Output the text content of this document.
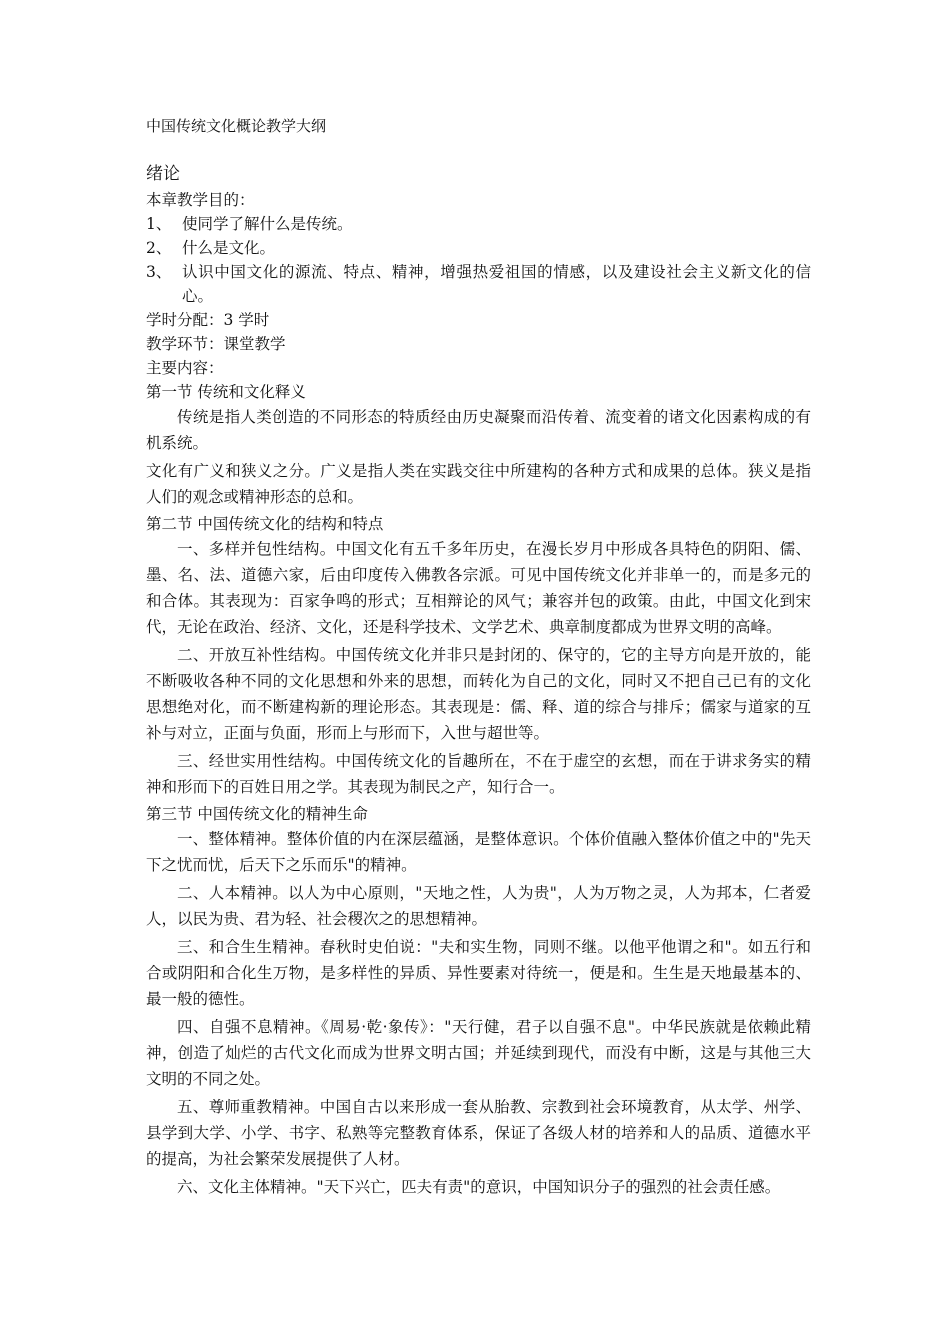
中国传统文化概论教学大纲
绪论
本章教学目的：
1、 使同学了解什么是传统。
2、 什么是文化。
3、 认识中国文化的源流、特点、精神，增强热爱祖国的情感，以及建设社会主义新文化的信心。
学时分配：3 学时
教学环节：课堂教学
主要内容：
第一节 传统和文化释义

传统是指人类创造的不同形态的特质经由历史凝聚而沿传着、流变着的诸文化因素构成的有机系统。

文化有广义和狭义之分。广义是指人类在实践交往中所建构的各种方式和成果的总体。狭义是指人们的观念或精神形态的总和。

第二节 中国传统文化的结构和特点

一、多样并包性结构。中国文化有五千多年历史，在漫长岁月中形成各具特色的阴阳、儒、墨、名、法、道德六家，后由印度传入佛教各宗派。可见中国传统文化并非单一的，而是多元的和合体。其表现为：百家争鸣的形式；互相辩论的风气；兼容并包的政策。由此，中国文化到宋代，无论在政治、经济、文化，还是科学技术、文学艺术、典章制度都成为世界文明的高峰。

二、开放互补性结构。中国传统文化并非只是封闭的、保守的，它的主导方向是开放的，能不断吸收各种不同的文化思想和外来的思想，而转化为自己的文化，同时又不把自己已有的文化思想绝对化，而不断建构新的理论形态。其表现是：儒、释、道的综合与排斥；儒家与道家的互补与对立，正面与负面，形而上与形而下，入世与超世等。

三、经世实用性结构。中国传统文化的旨趣所在，不在于虚空的玄想，而在于讲求务实的精神和形而下的百姓日用之学。其表现为制民之产，知行合一。

第三节 中国传统文化的精神生命

一、整体精神。整体价值的内在深层蕴涵，是整体意识。个体价值融入整体价值之中的"先天下之忧而忧，后天下之乐而乐"的精神。

二、人本精神。以人为中心原则，"天地之性，人为贵"，人为万物之灵，人为邦本，仁者爱人，以民为贵、君为轻、社会稷次之的思想精神。

三、和合生生精神。春秋时史伯说："夫和实生物，同则不继。以他平他谓之和"。如五行和合或阴阳和合化生万物，是多样性的异质、异性要素对待统一，便是和。生生是天地最基本的、最一般的德性。

四、自强不息精神。《周易·乾·象传》："天行健，君子以自强不息"。中华民族就是依赖此精神，创造了灿烂的古代文化而成为世界文明古国；并延续到现代，而没有中断，这是与其他三大文明的不同之处。

五、尊师重教精神。中国自古以来形成一套从胎教、宗教到社会环境教育，从太学、州学、县学到大学、小学、书字、私熟等完整教育体系，保证了各级人材的培养和人的品质、道德水平的提高，为社会繁荣发展提供了人材。

六、文化主体精神。"天下兴亡，匹夫有责"的意识，中国知识分子的强烈的社会责任感。
